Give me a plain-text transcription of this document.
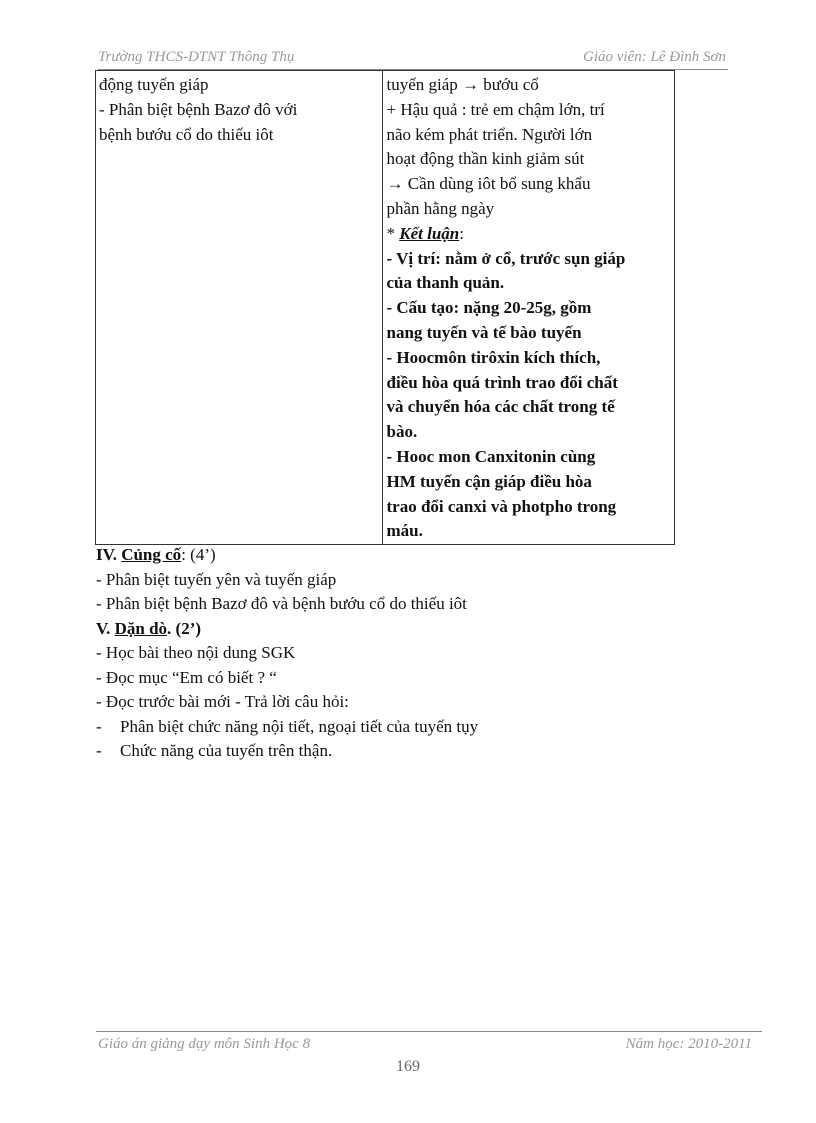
Trường THCS-DTNT Thông Thụ	Giáo viên: Lê Đình Sơn
động tuyến giáp
- Phân biệt bệnh Bazơ đô với
bệnh bướu cổ do thiếu iôt

tuyến giáp → bướu cổ
+ Hậu quả : trẻ em chậm lớn, trí
não kém phát triển. Người lớn
hoạt động thần kinh giảm sút
→ Cần dùng iôt bổ sung khẩu
phần hằng ngày
* Kết luận:
- Vị trí: nằm ở cổ, trước sụn giáp
của thanh quản.
- Cấu tạo: nặng 20-25g, gồm
nang tuyến và tế bào tuyến
- Hoocmôn tirôxin kích thích,
điều hòa quá trình trao đổi chất
và chuyển hóa các chất trong tế
bào.
- Hooc mon Canxitonin cùng
HM tuyến cận giáp điều hòa
trao đổi canxi và photpho trong
máu.
IV. Củng cố: (4’)
- Phân biệt tuyến yên và tuyến giáp
- Phân biệt bệnh Bazơ đô và bệnh bướu cổ do thiếu iôt
V. Dặn dò. (2’)
- Học bài theo nội dung SGK
- Đọc mục “Em có biết ? “
- Đọc trước bài mới - Trả lời câu hỏi:
- Phân biệt chức năng nội tiết, ngoại tiết của tuyến tụy
- Chức năng của tuyến trên thận.
Giáo án giảng dạy môn Sinh Học 8	Năm học: 2010-2011
169
